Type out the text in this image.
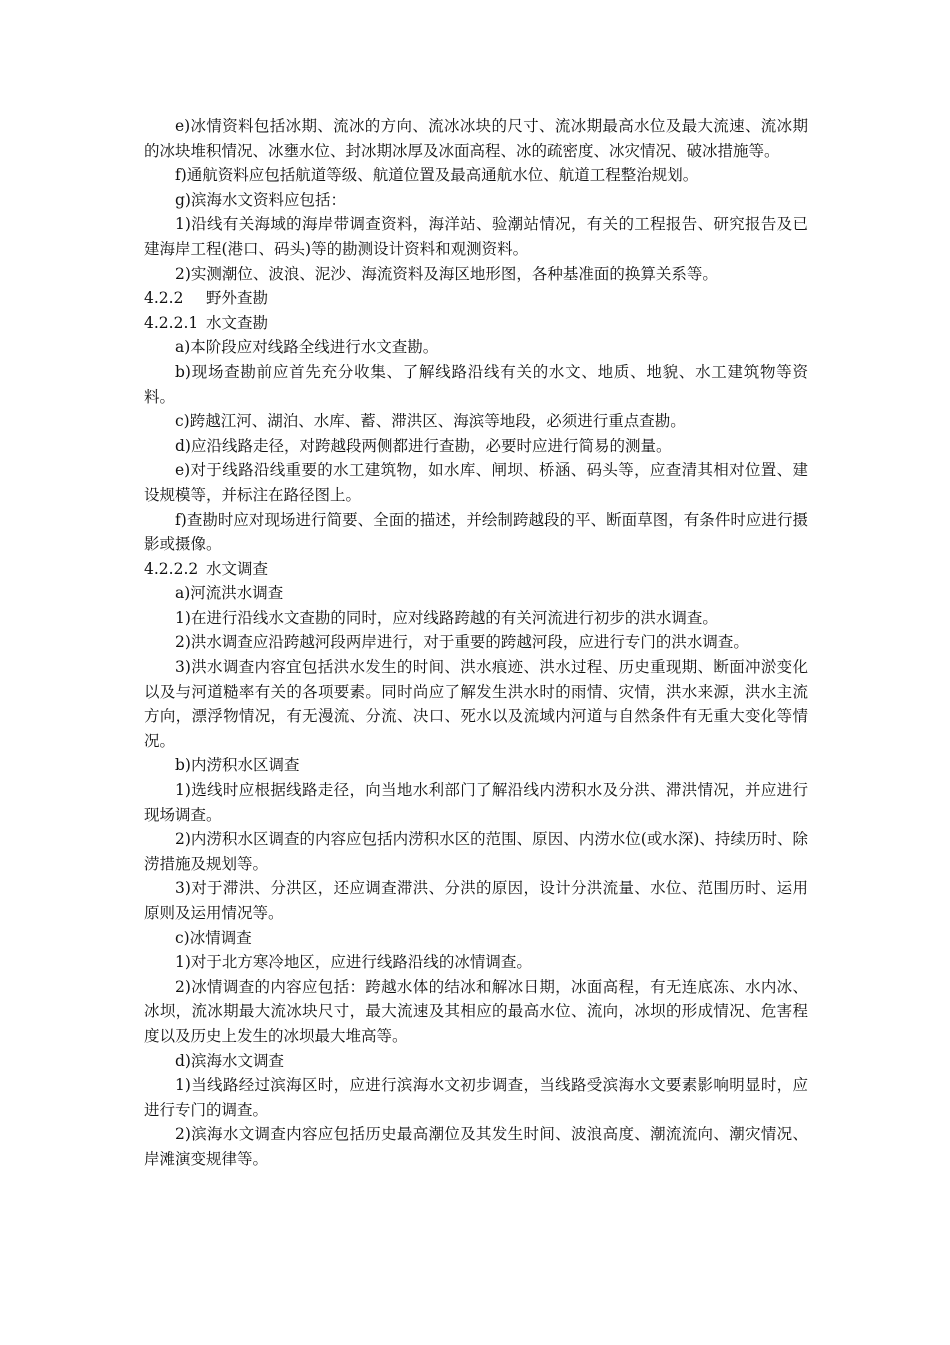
e)冰情资料包括冰期、流冰的方向、流冰冰块的尺寸、流冰期最高水位及最大流速、流冰期的冰块堆积情况、冰壅水位、封冰期冰厚及冰面高程、冰的疏密度、冰灾情况、破冰措施等。

f)通航资料应包括航道等级、航道位置及最高通航水位、航道工程整治规划。

g)滨海水文资料应包括：

1)沿线有关海域的海岸带调查资料，海洋站、验潮站情况，有关的工程报告、研究报告及已建海岸工程(港口、码头)等的勘测设计资料和观测资料。

2)实测潮位、波浪、泥沙、海流资料及海区地形图，各种基准面的换算关系等。

4.2.2 野外查勘

4.2.2.1 水文查勘

a)本阶段应对线路全线进行水文查勘。

b)现场查勘前应首先充分收集、了解线路沿线有关的水文、地质、地貌、水工建筑物等资料。

c)跨越江河、湖泊、水库、蓄、滞洪区、海滨等地段，必须进行重点查勘。

d)应沿线路走径，对跨越段两侧都进行查勘，必要时应进行简易的测量。

e)对于线路沿线重要的水工建筑物，如水库、闸坝、桥涵、码头等，应查清其相对位置、建设规模等，并标注在路径图上。

f)查勘时应对现场进行简要、全面的描述，并绘制跨越段的平、断面草图，有条件时应进行摄影或摄像。

4.2.2.2 水文调查

a)河流洪水调查

1)在进行沿线水文查勘的同时，应对线路跨越的有关河流进行初步的洪水调查。

2)洪水调查应沿跨越河段两岸进行，对于重要的跨越河段，应进行专门的洪水调查。

3)洪水调查内容宜包括洪水发生的时间、洪水痕迹、洪水过程、历史重现期、断面冲淤变化以及与河道糙率有关的各项要素。同时尚应了解发生洪水时的雨情、灾情，洪水来源，洪水主流方向，漂浮物情况，有无漫流、分流、决口、死水以及流域内河道与自然条件有无重大变化等情况。

b)内涝积水区调查

1)选线时应根据线路走径，向当地水利部门了解沿线内涝积水及分洪、滞洪情况，并应进行现场调查。

2)内涝积水区调查的内容应包括内涝积水区的范围、原因、内涝水位(或水深)、持续历时、除涝措施及规划等。

3)对于滞洪、分洪区，还应调查滞洪、分洪的原因，设计分洪流量、水位、范围历时、运用原则及运用情况等。

c)冰情调查

1)对于北方寒冷地区，应进行线路沿线的冰情调查。

2)冰情调查的内容应包括：跨越水体的结冰和解冰日期，冰面高程，有无连底冻、水内冰、冰坝，流冰期最大流冰块尺寸，最大流速及其相应的最高水位、流向，冰坝的形成情况、危害程度以及历史上发生的冰坝最大堆高等。

d)滨海水文调查

1)当线路经过滨海区时，应进行滨海水文初步调查，当线路受滨海水文要素影响明显时，应进行专门的调查。

2)滨海水文调查内容应包括历史最高潮位及其发生时间、波浪高度、潮流流向、潮灾情况、岸滩演变规律等。
